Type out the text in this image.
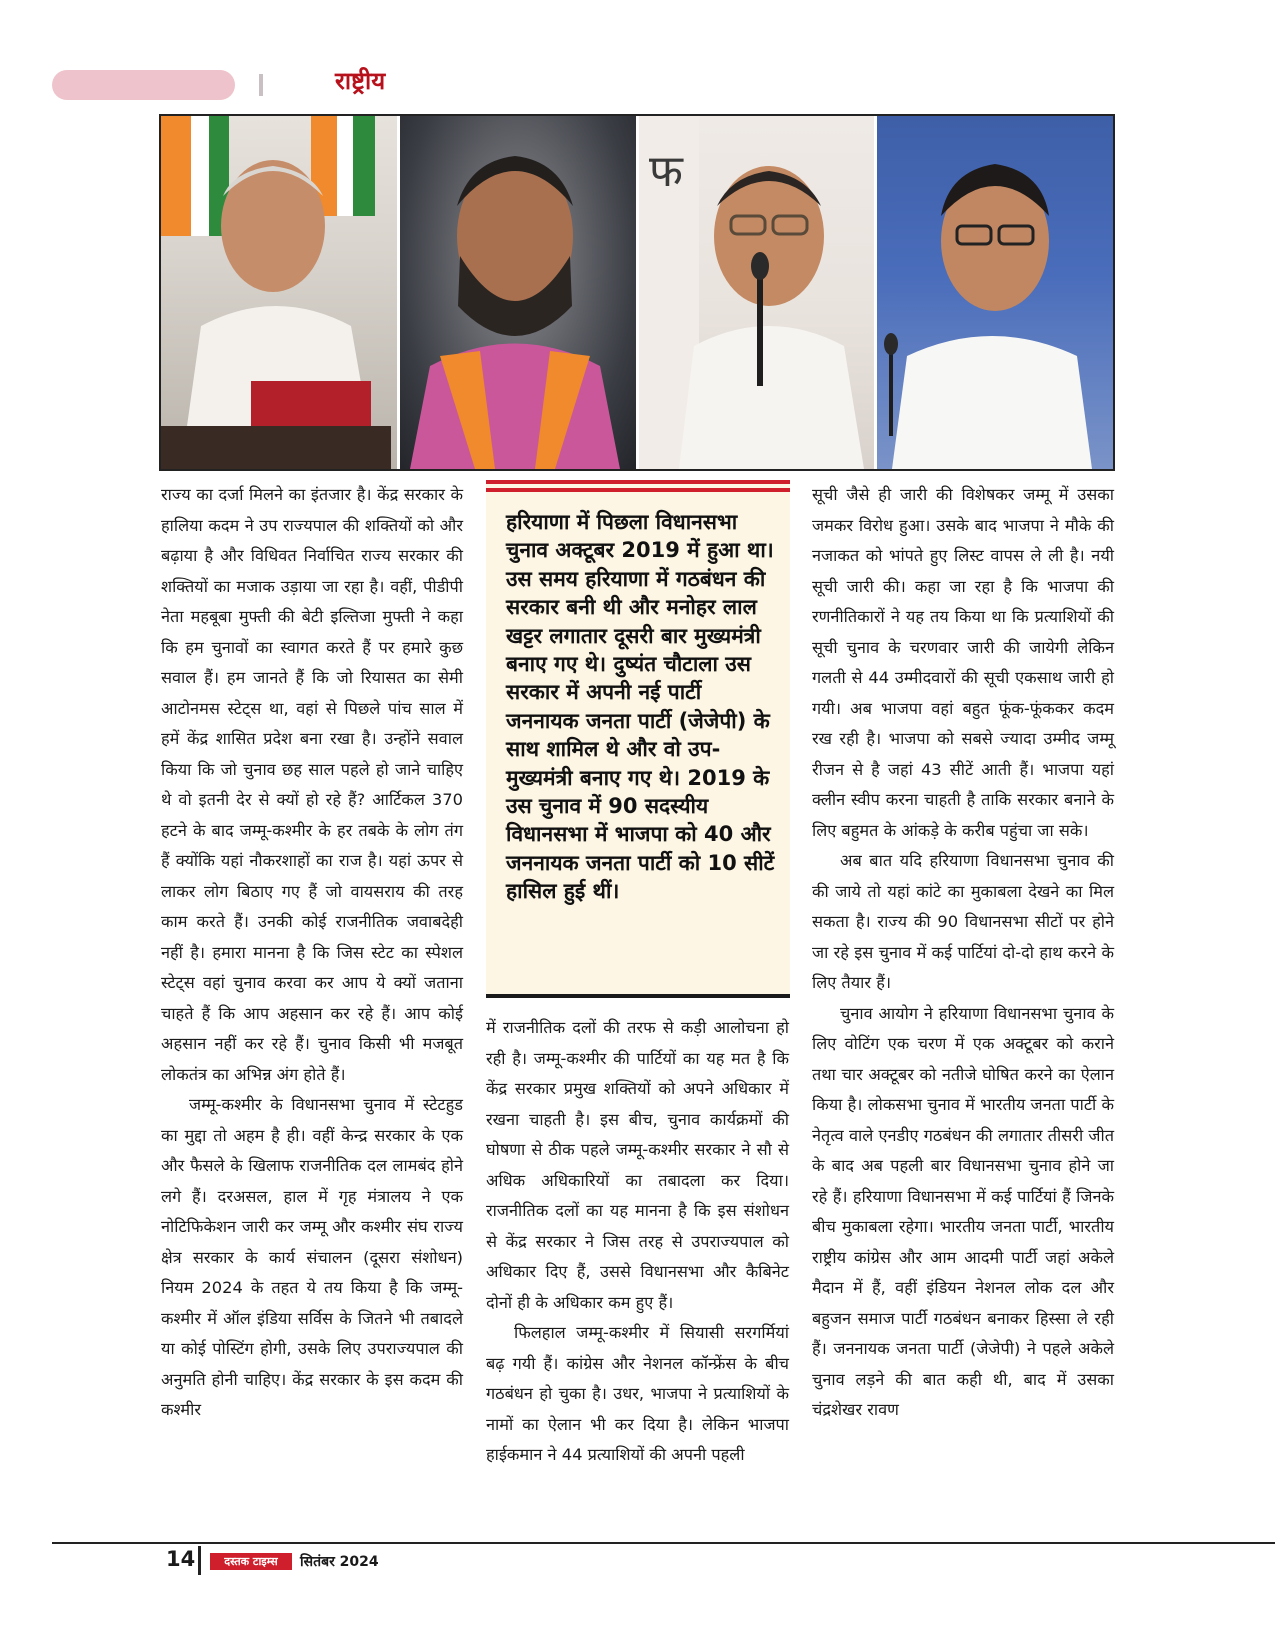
राष्ट्रीय
फ

राज्य का दर्जा मिलने का इंतजार है। केंद्र सरकार के हालिया कदम ने उप राज्यपाल की शक्तियों को और बढ़ाया है और विधिवत निर्वाचित राज्य सरकार की शक्तियों का मजाक उड़ाया जा रहा है। वहीं, पीडीपी नेता महबूबा मुफ्ती की बेटी इल्तिजा मुफ्ती ने कहा कि हम चुनावों का स्वागत करते हैं पर हमारे कुछ सवाल हैं। हम जानते हैं कि जो रियासत का सेमी आटोनमस स्टेट्स था, वहां से पिछले पांच साल में हमें केंद्र शासित प्रदेश बना रखा है। उन्होंने सवाल किया कि जो चुनाव छह साल पहले हो जाने चाहिए थे वो इतनी देर से क्यों हो रहे हैं? आर्टिकल 370 हटने के बाद जम्मू-कश्मीर के हर तबके के लोग तंग हैं क्योंकि यहां नौकरशाहों का राज है। यहां ऊपर से लाकर लोग बिठाए गए हैं जो वायसराय की तरह काम करते हैं। उनकी कोई राजनीतिक जवाबदेही नहीं है। हमारा मानना है कि जिस स्टेट का स्पेशल स्टेट्स वहां चुनाव करवा कर आप ये क्यों जताना चाहते हैं कि आप अहसान कर रहे हैं। आप कोई अहसान नहीं कर रहे हैं। चुनाव किसी भी मजबूत लोकतंत्र का अभिन्न अंग होते हैं।

जम्मू-कश्मीर के विधानसभा चुनाव में स्टेटहुड का मुद्दा तो अहम है ही। वहीं केन्द्र सरकार के एक और फैसले के खिलाफ राजनीतिक दल लामबंद होने लगे हैं। दरअसल, हाल में गृह मंत्रालय ने एक नोटिफिकेशन जारी कर जम्मू और कश्मीर संघ राज्य क्षेत्र सरकार के कार्य संचालन (दूसरा संशोधन) नियम 2024 के तहत ये तय किया है कि जम्मू-कश्मीर में ऑल इंडिया सर्विस के जितने भी तबादले या कोई पोस्टिंग होगी, उसके लिए उपराज्यपाल की अनुमति होनी चाहिए। केंद्र सरकार के इस कदम की कश्मीर

हरियाणा में पिछला विधानसभा चुनाव अक्टूबर 2019 में हुआ था। उस समय हरियाणा में गठबंधन की सरकार बनी थी और मनोहर लाल खट्टर लगातार दूसरी बार मुख्यमंत्री बनाए गए थे। दुष्यंत चौटाला उस सरकार में अपनी नई पार्टी जननायक जनता पार्टी (जेजेपी) के साथ शामिल थे और वो उप-मुख्यमंत्री बनाए गए थे। 2019 के उस चुनाव में 90 सदस्यीय विधानसभा में भाजपा को 40 और जननायक जनता पार्टी को 10 सीटें हासिल हुई थीं।

में राजनीतिक दलों की तरफ से कड़ी आलोचना हो रही है। जम्मू-कश्मीर की पार्टियों का यह मत है कि केंद्र सरकार प्रमुख शक्तियों को अपने अधिकार में रखना चाहती है। इस बीच, चुनाव कार्यक्रमों की घोषणा से ठीक पहले जम्मू-कश्मीर सरकार ने सौ से अधिक अधिकारियों का तबादला कर दिया। राजनीतिक दलों का यह मानना है कि इस संशोधन से केंद्र सरकार ने जिस तरह से उपराज्यपाल को अधिकार दिए हैं, उससे विधानसभा और कैबिनेट दोनों ही के अधिकार कम हुए हैं।

फिलहाल जम्मू-कश्मीर में सियासी सरगर्मियां बढ़ गयी हैं। कांग्रेस और नेशनल कॉन्फ्रेंस के बीच गठबंधन हो चुका है। उधर, भाजपा ने प्रत्याशियों के नामों का ऐलान भी कर दिया है। लेकिन भाजपा हाईकमान ने 44 प्रत्याशियों की अपनी पहली

सूची जैसे ही जारी की विशेषकर जम्मू में उसका जमकर विरोध हुआ। उसके बाद भाजपा ने मौके की नजाकत को भांपते हुए लिस्ट वापस ले ली है। नयी सूची जारी की। कहा जा रहा है कि भाजपा की रणनीतिकारों ने यह तय किया था कि प्रत्याशियों की सूची चुनाव के चरणवार जारी की जायेगी लेकिन गलती से 44 उम्मीदवारों की सूची एकसाथ जारी हो गयी। अब भाजपा वहां बहुत फूंक-फूंककर कदम रख रही है। भाजपा को सबसे ज्यादा उम्मीद जम्मू रीजन से है जहां 43 सीटें आती हैं। भाजपा यहां क्लीन स्वीप करना चाहती है ताकि सरकार बनाने के लिए बहुमत के आंकड़े के करीब पहुंचा जा सके।

अब बात यदि हरियाणा विधानसभा चुनाव की की जाये तो यहां कांटे का मुकाबला देखने का मिल सकता है। राज्य की 90 विधानसभा सीटों पर होने जा रहे इस चुनाव में कई पार्टियां दो-दो हाथ करने के लिए तैयार हैं।

चुनाव आयोग ने हरियाणा विधानसभा चुनाव के लिए वोटिंग एक चरण में एक अक्टूबर को कराने तथा चार अक्टूबर को नतीजे घोषित करने का ऐलान किया है। लोकसभा चुनाव में भारतीय जनता पार्टी के नेतृत्व वाले एनडीए गठबंधन की लगातार तीसरी जीत के बाद अब पहली बार विधानसभा चुनाव होने जा रहे हैं। हरियाणा विधानसभा में कई पार्टियां हैं जिनके बीच मुकाबला रहेगा। भारतीय जनता पार्टी, भारतीय राष्ट्रीय कांग्रेस और आम आदमी पार्टी जहां अकेले मैदान में हैं, वहीं इंडियन नेशनल लोक दल और बहुजन समाज पार्टी गठबंधन बनाकर हिस्सा ले रही हैं। जननायक जनता पार्टी (जेजेपी) ने पहले अकेले चुनाव लड़ने की बात कही थी, बाद में उसका चंद्रशेखर रावण

14	दस्तक टाइम्स	सितंबर 2024
